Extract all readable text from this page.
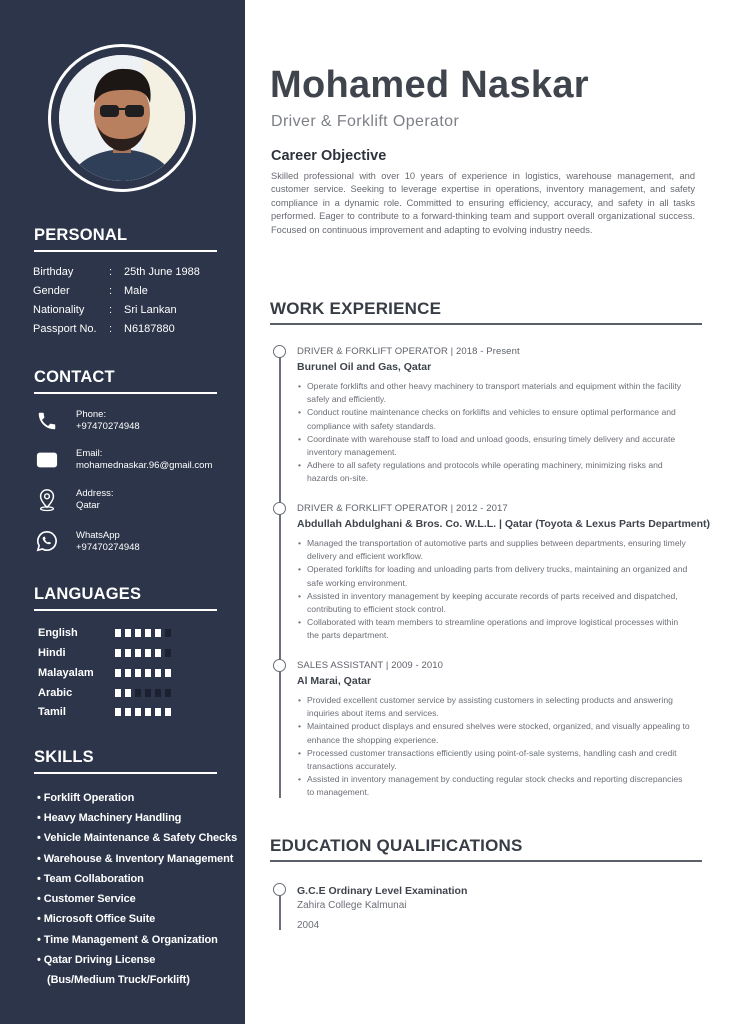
PERSONAL
Birthday	:	25th June 1988
Gender	:	Male
Nationality	:	Sri Lankan
Passport No.	:	N6187880
CONTACT
Phone:
+97470274948
Email:
mohamednaskar.96@gmail.com
Address:
Qatar
WhatsApp
+97470274948
LANGUAGES
English
Hindi
Malayalam
Arabic
Tamil
SKILLS
• Forklift Operation
• Heavy Machinery Handling
• Vehicle Maintenance & Safety Checks
• Warehouse & Inventory Management
• Team Collaboration
• Customer Service
• Microsoft Office Suite
• Time Management & Organization
• Qatar Driving License
(Bus/Medium Truck/Forklift)
Mohamed Naskar
Driver & Forklift Operator
Career Objective
Skilled professional with over 10 years of experience in logistics, warehouse management, and customer service. Seeking to leverage expertise in operations, inventory management, and safety compliance in a dynamic role. Committed to ensuring efficiency, accuracy, and safety in all tasks performed. Eager to contribute to a forward-thinking team and support overall organizational success. Focused on continuous improvement and adapting to evolving industry needs.
WORK EXPERIENCE
DRIVER & FORKLIFT OPERATOR | 2018 - Present
Burunel Oil and Gas, Qatar
• Operate forklifts and other heavy machinery to transport materials and equipment within the facility safely and efficiently.
• Conduct routine maintenance checks on forklifts and vehicles to ensure optimal performance and compliance with safety standards.
• Coordinate with warehouse staff to load and unload goods, ensuring timely delivery and accurate inventory management.
• Adhere to all safety regulations and protocols while operating machinery, minimizing risks and hazards on-site.
DRIVER & FORKLIFT OPERATOR | 2012 - 2017
Abdullah Abdulghani & Bros. Co. W.L.L. | Qatar (Toyota & Lexus Parts Department)
• Managed the transportation of automotive parts and supplies between departments, ensuring timely delivery and efficient workflow.
• Operated forklifts for loading and unloading parts from delivery trucks, maintaining an organized and safe working environment.
• Assisted in inventory management by keeping accurate records of parts received and dispatched, contributing to efficient stock control.
• Collaborated with team members to streamline operations and improve logistical processes within the parts department.
SALES ASSISTANT | 2009 - 2010
Al Marai, Qatar
• Provided excellent customer service by assisting customers in selecting products and answering inquiries about items and services.
• Maintained product displays and ensured shelves were stocked, organized, and visually appealing to enhance the shopping experience.
• Processed customer transactions efficiently using point-of-sale systems, handling cash and credit transactions accurately.
• Assisted in inventory management by conducting regular stock checks and reporting discrepancies to management.
EDUCATION QUALIFICATIONS
G.C.E Ordinary Level Examination
Zahira College Kalmunai
2004
